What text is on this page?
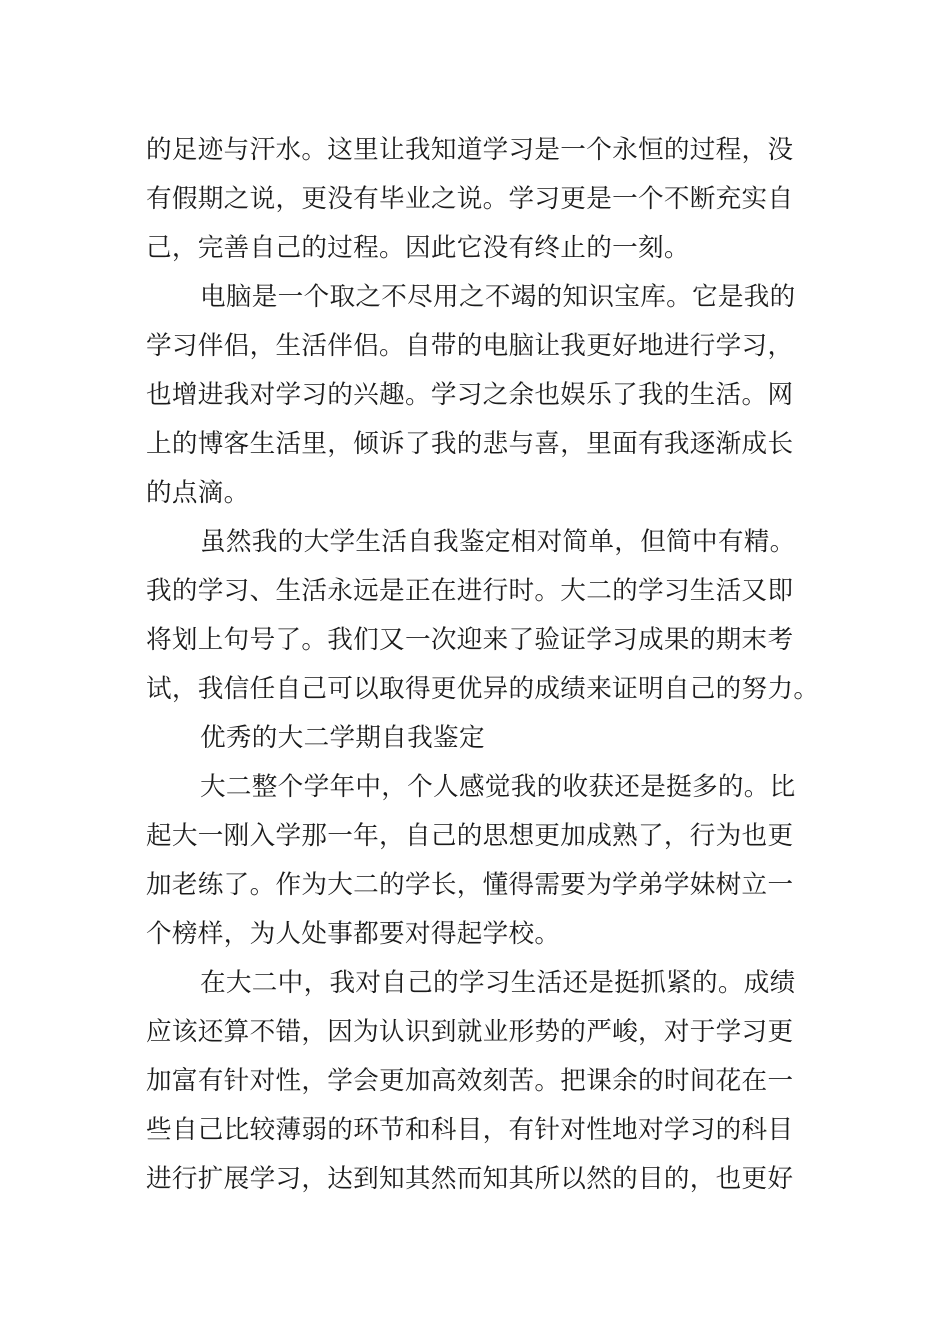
的足迹与汗水。这里让我知道学习是一个永恒的过程，没
有假期之说，更没有毕业之说。学习更是一个不断充实自
己，完善自己的过程。因此它没有终止的一刻。
电脑是一个取之不尽用之不竭的知识宝库。它是我的
学习伴侣，生活伴侣。自带的电脑让我更好地进行学习，
也增进我对学习的兴趣。学习之余也娱乐了我的生活。网
上的博客生活里，倾诉了我的悲与喜，里面有我逐渐成长
的点滴。
虽然我的大学生活自我鉴定相对简单，但简中有精。
我的学习、生活永远是正在进行时。大二的学习生活又即
将划上句号了。我们又一次迎来了验证学习成果的期末考
试，我信任自己可以取得更优异的成绩来证明自己的努力。
优秀的大二学期自我鉴定
大二整个学年中，个人感觉我的收获还是挺多的。比
起大一刚入学那一年，自己的思想更加成熟了，行为也更
加老练了。作为大二的学长，懂得需要为学弟学妹树立一
个榜样，为人处事都要对得起学校。
在大二中，我对自己的学习生活还是挺抓紧的。成绩
应该还算不错，因为认识到就业形势的严峻，对于学习更
加富有针对性，学会更加高效刻苦。把课余的时间花在一
些自己比较薄弱的环节和科目，有针对性地对学习的科目
进行扩展学习，达到知其然而知其所以然的目的，也更好
